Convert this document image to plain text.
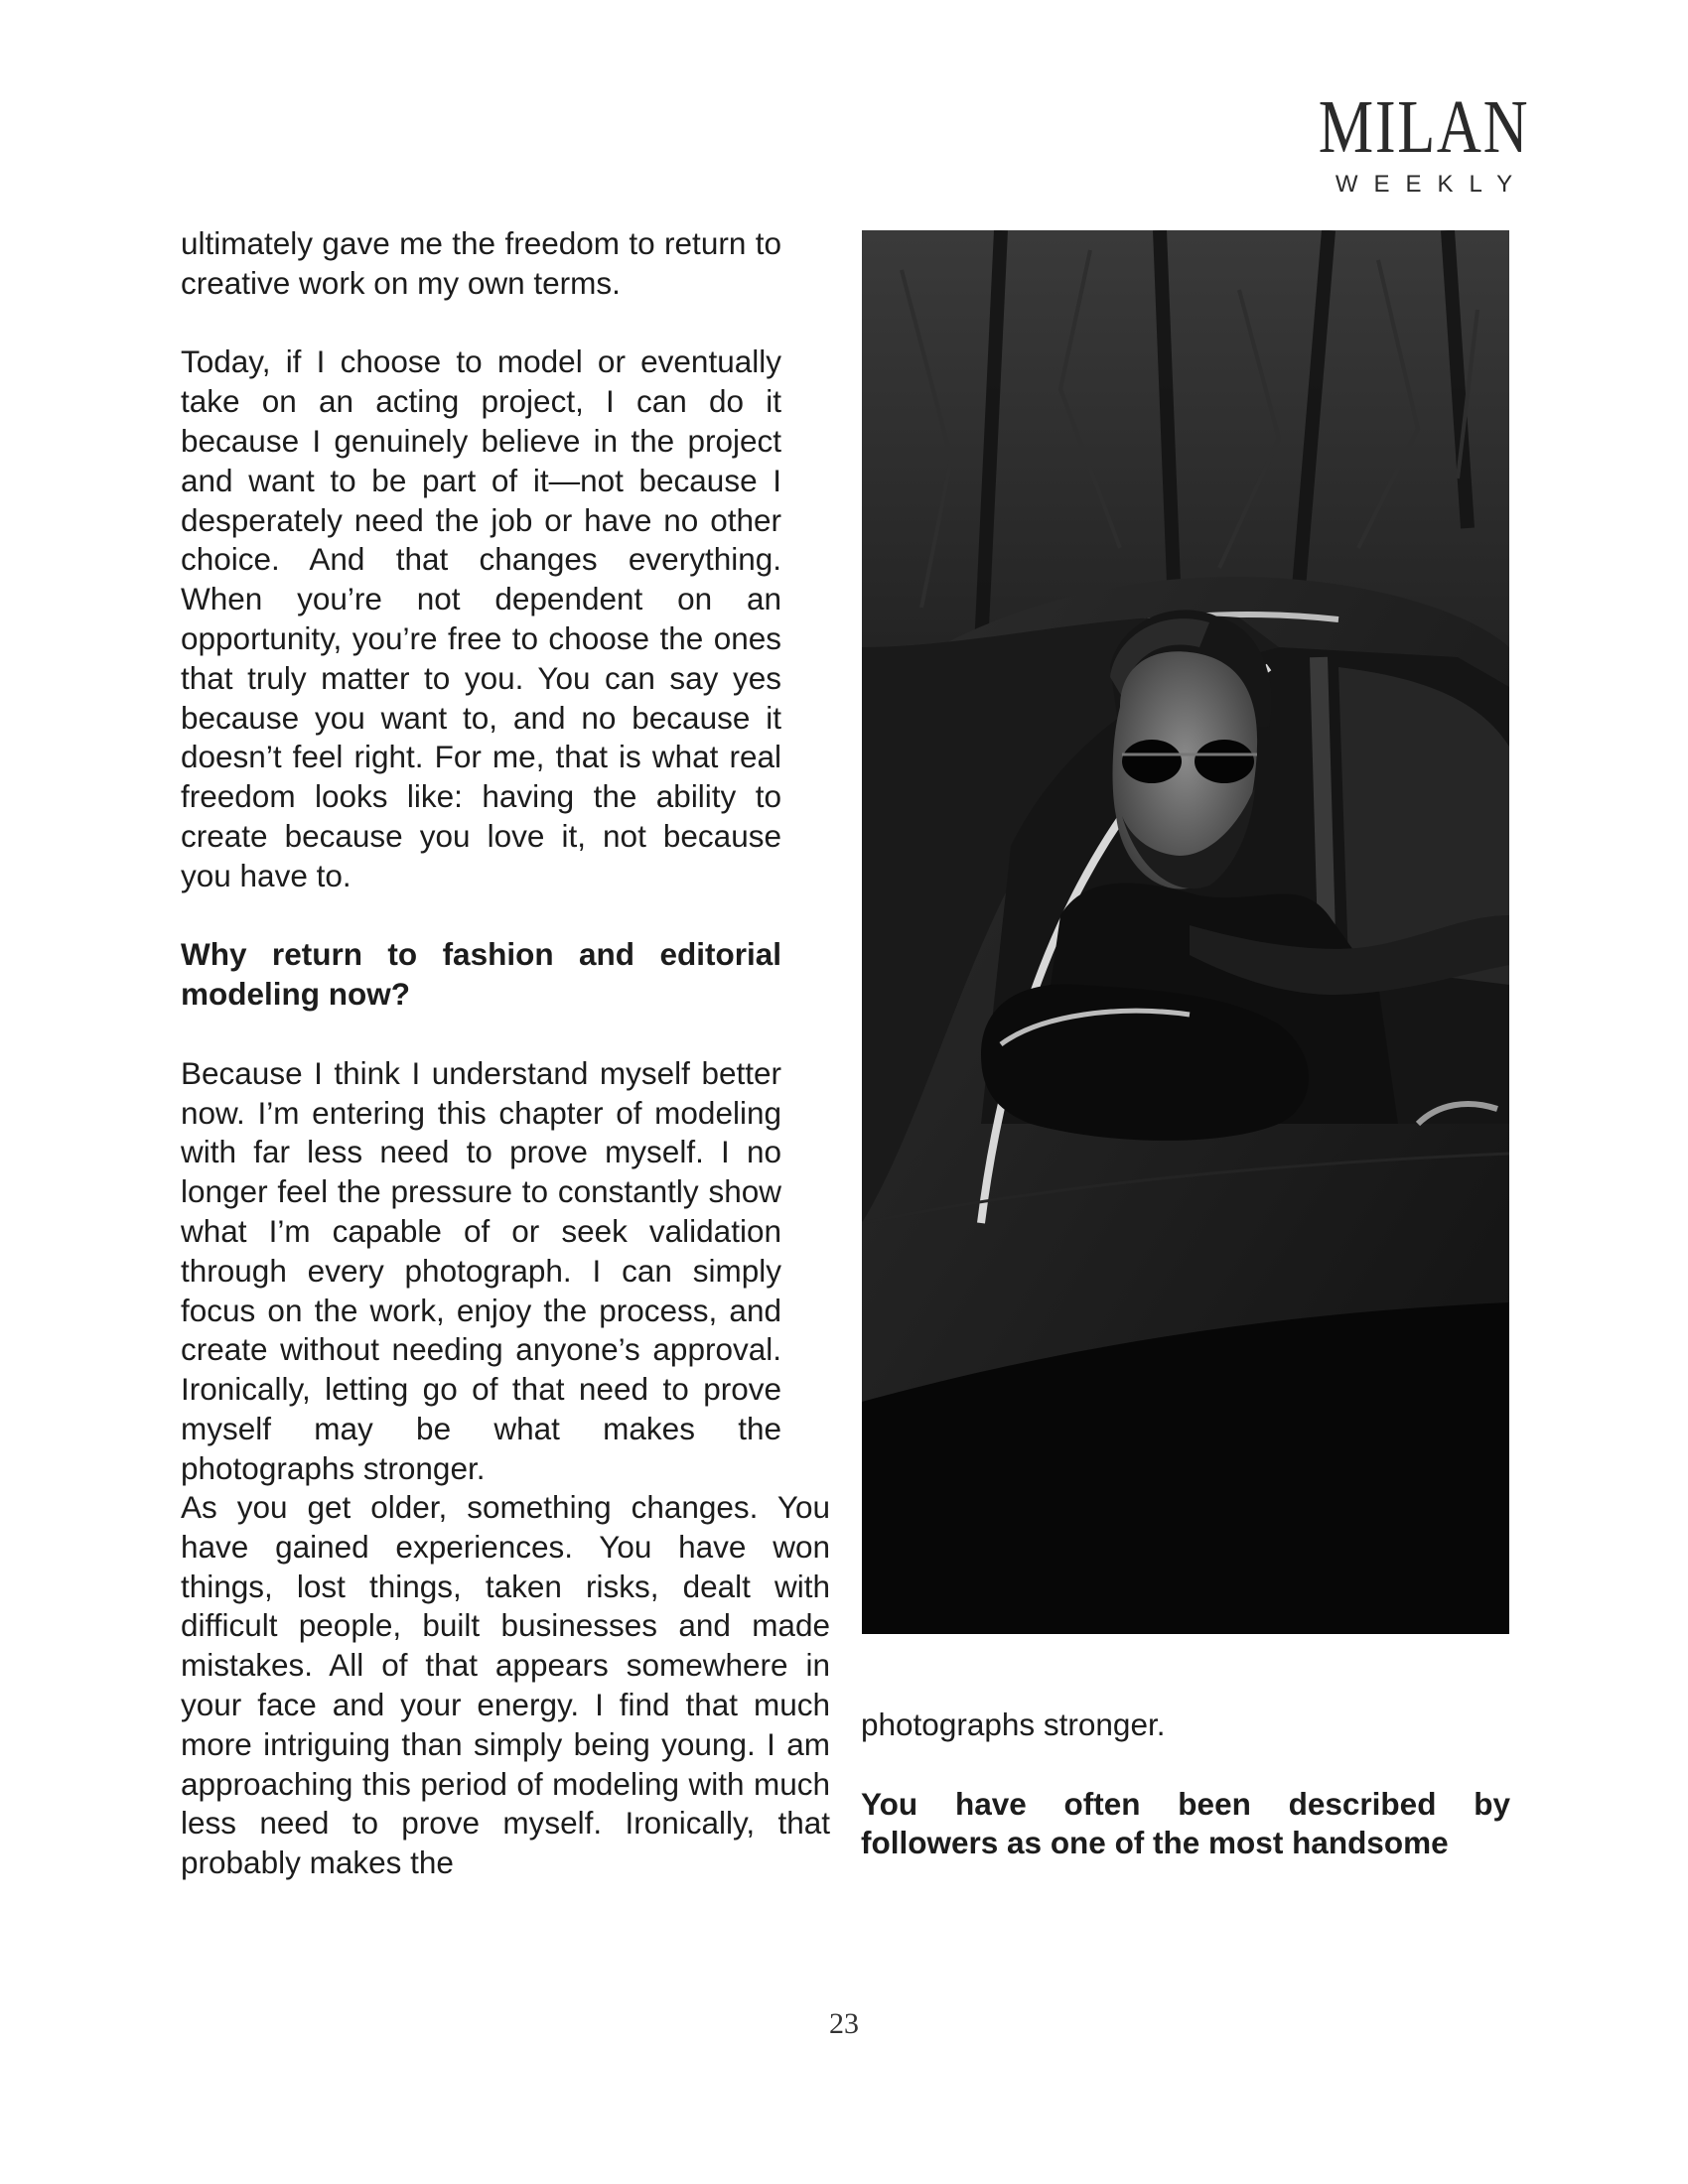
MILAN
WEEKLY

ultimately gave me the freedom to return to creative work on my own terms.

Today, if I choose to model or eventually take on an acting project, I can do it because I genuinely believe in the project and want to be part of it—not because I desperately need the job or have no other choice. And that changes everything. When you’re not dependent on an opportunity, you’re free to choose the ones that truly matter to you. You can say yes because you want to, and no because it doesn’t feel right. For me, that is what real freedom looks like: having the ability to create because you love it, not because you have to.

Why return to fashion and editorial modeling now?

Because I think I understand myself better now. I’m entering this chapter of modeling with far less need to prove myself. I no longer feel the pressure to constantly show what I’m capable of or seek validation through every photograph. I can simply focus on the work, enjoy the process, and create without needing anyone’s approval. Ironically, letting go of that need to prove myself may be what makes the photographs stronger.

As you get older, something changes. You have gained experiences. You have won things, lost things, taken risks, dealt with difficult people, built businesses and made mistakes. All of that appears somewhere in your face and your energy. I find that much more intriguing than simply being young. I am approaching this period of modeling with much less need to prove myself. Ironically, that probably makes the

photographs stronger.

You have often been described by followers as one of the most handsome

23
